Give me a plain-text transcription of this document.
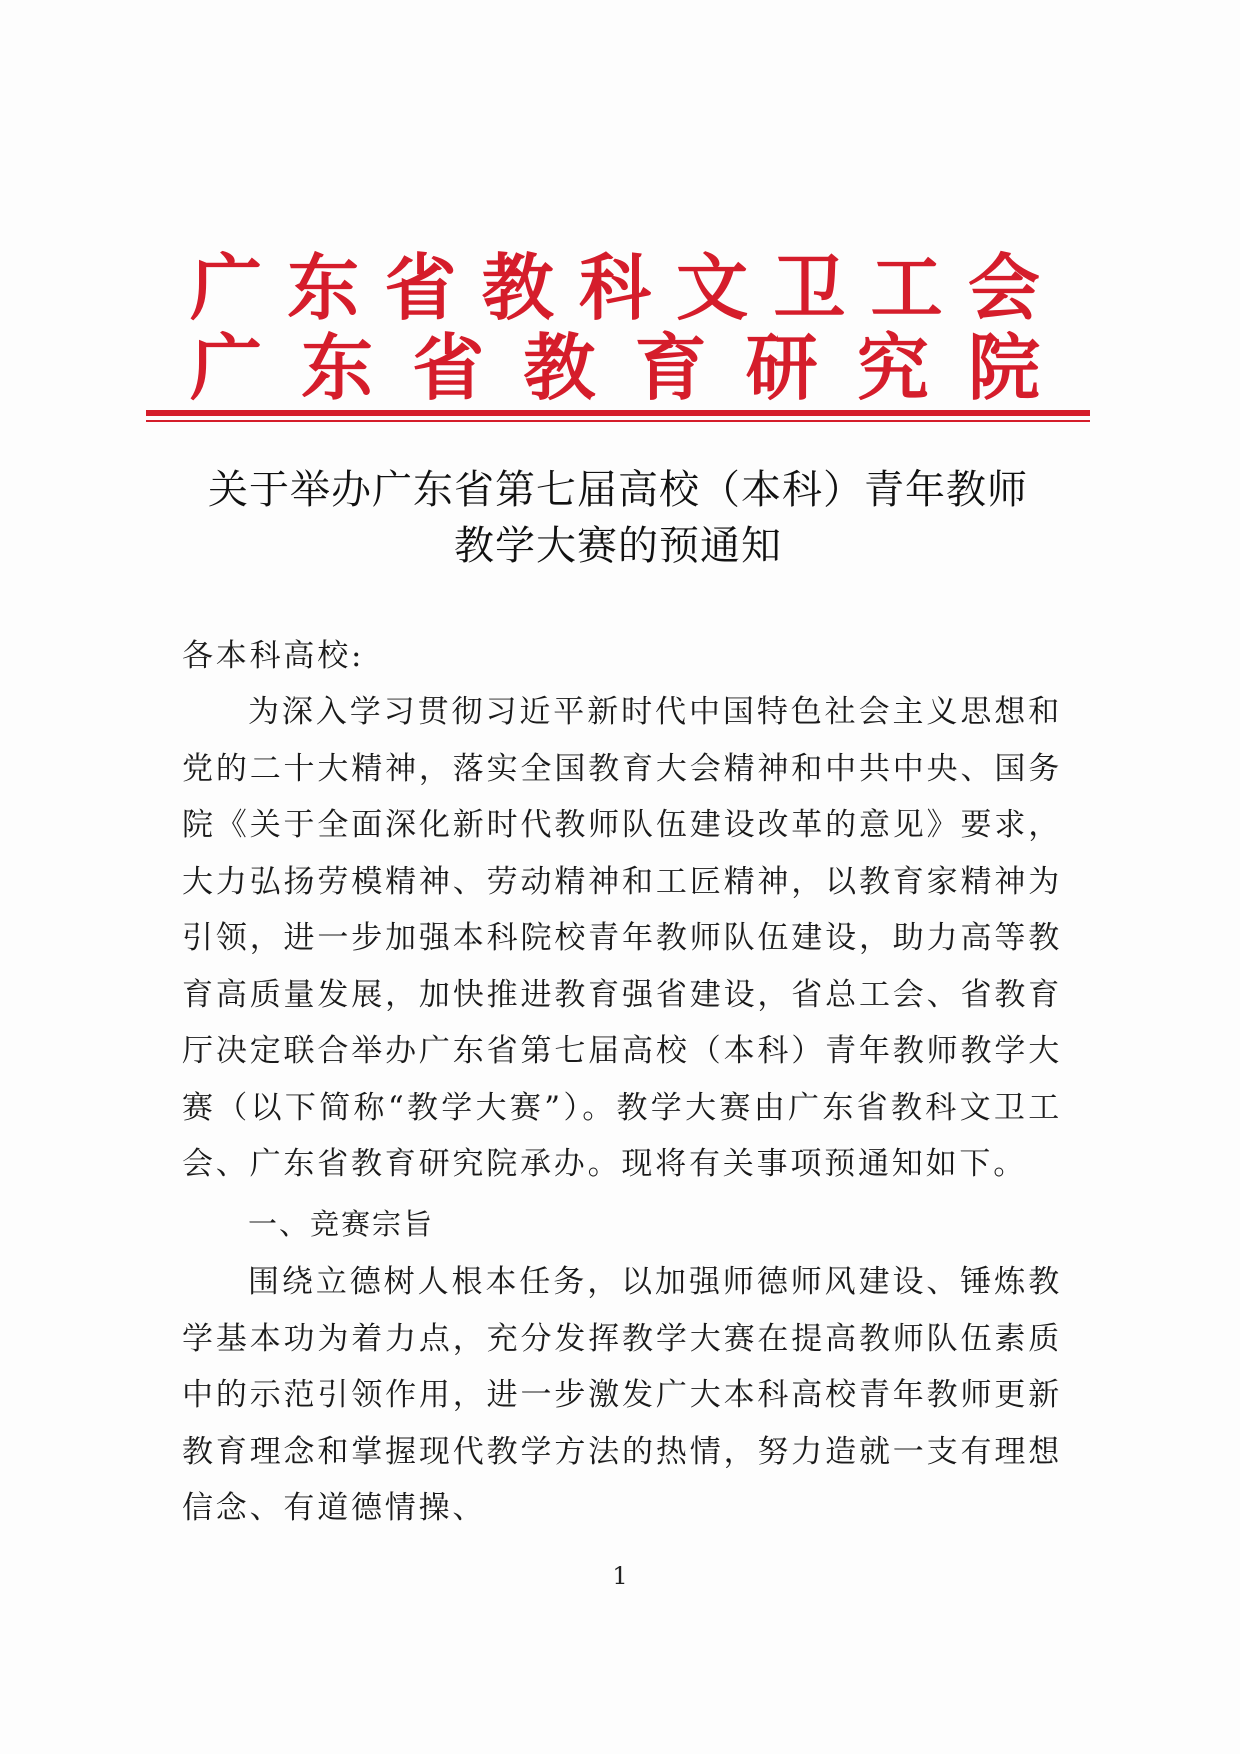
广 东 省 教 科 文 卫 工 会
广 东 省 教 育 研 究 院
关于举办广东省第七届高校（本科）青年教师
教学大赛的预通知
各本科高校:
为深入学习贯彻习近平新时代中国特色社会主义思想和党的二十大精神，落实全国教育大会精神和中共中央、国务院《关于全面深化新时代教师队伍建设改革的意见》要求，大力弘扬劳模精神、劳动精神和工匠精神，以教育家精神为引领，进一步加强本科院校青年教师队伍建设，助力高等教育高质量发展，加快推进教育强省建设，省总工会、省教育厅决定联合举办广东省第七届高校（本科）青年教师教学大赛（以下简称“教学大赛”）。教学大赛由广东省教科文卫工会、广东省教育研究院承办。现将有关事项预通知如下。
一、竞赛宗旨
围绕立德树人根本任务，以加强师德师风建设、锤炼教学基本功为着力点，充分发挥教学大赛在提高教师队伍素质中的示范引领作用，进一步激发广大本科高校青年教师更新教育理念和掌握现代教学方法的热情，努力造就一支有理想信念、有道德情操、
1
